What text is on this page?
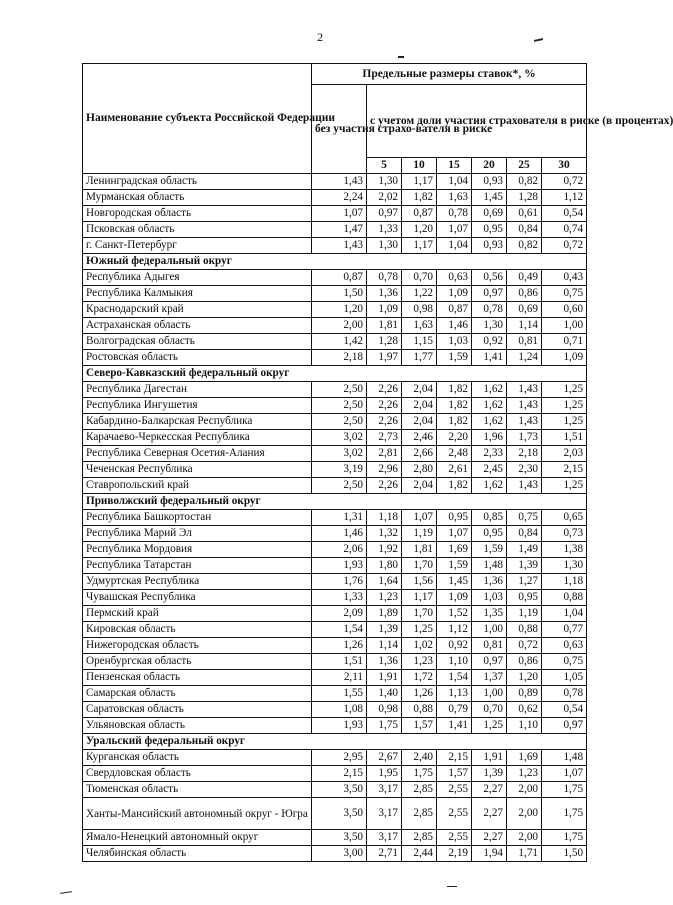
2
Наименование субъекта Российской Федерации	Предельные размеры ставок*, %						
	без участия страхо-вателя в риске	с учетом доли участия страхователя в риске (в процентах)					
		5	10	15	20	25	30
Ленинградская область	1,43	1,30	1,17	1,04	0,93	0,82	0,72
Мурманская область	2,24	2,02	1,82	1,63	1,45	1,28	1,12
Новгородская область	1,07	0,97	0,87	0,78	0,69	0,61	0,54
Псковская область	1,47	1,33	1,20	1,07	0,95	0,84	0,74
г. Санкт-Петербург	1,43	1,30	1,17	1,04	0,93	0,82	0,72
Южный федеральный округ							
Республика Адыгея	0,87	0,78	0,70	0,63	0,56	0,49	0,43
Республика Калмыкия	1,50	1,36	1,22	1,09	0,97	0,86	0,75
Краснодарский край	1,20	1,09	0,98	0,87	0,78	0,69	0,60
Астраханская область	2,00	1,81	1,63	1,46	1,30	1,14	1,00
Волгоградская область	1,42	1,28	1,15	1,03	0,92	0,81	0,71
Ростовская область	2,18	1,97	1,77	1,59	1,41	1,24	1,09
Северо-Кавказский федеральный округ							
Республика Дагестан	2,50	2,26	2,04	1,82	1,62	1,43	1,25
Республика Ингушетия	2,50	2,26	2,04	1,82	1,62	1,43	1,25
Кабардино-Балкарская Республика	2,50	2,26	2,04	1,82	1,62	1,43	1,25
Карачаево-Черкесская Республика	3,02	2,73	2,46	2,20	1,96	1,73	1,51
Республика Северная Осетия-Алания	3,02	2,81	2,66	2,48	2,33	2,18	2,03
Чеченская Республика	3,19	2,96	2,80	2,61	2,45	2,30	2,15
Ставропольский край	2,50	2,26	2,04	1,82	1,62	1,43	1,25
Приволжский федеральный округ							
Республика Башкортостан	1,31	1,18	1,07	0,95	0,85	0,75	0,65
Республика Марий Эл	1,46	1,32	1,19	1,07	0,95	0,84	0,73
Республика Мордовия	2,06	1,92	1,81	1,69	1,59	1,49	1,38
Республика Татарстан	1,93	1,80	1,70	1,59	1,48	1,39	1,30
Удмуртская Республика	1,76	1,64	1,56	1,45	1,36	1,27	1,18
Чувашская Республика	1,33	1,23	1,17	1,09	1,03	0,95	0,88
Пермский край	2,09	1,89	1,70	1,52	1,35	1,19	1,04
Кировская область	1,54	1,39	1,25	1,12	1,00	0,88	0,77
Нижегородская область	1,26	1,14	1,02	0,92	0,81	0,72	0,63
Оренбургская область	1,51	1,36	1,23	1,10	0,97	0,86	0,75
Пензенская область	2,11	1,91	1,72	1,54	1,37	1,20	1,05
Самарская область	1,55	1,40	1,26	1,13	1,00	0,89	0,78
Саратовская область	1,08	0,98	0,88	0,79	0,70	0,62	0,54
Ульяновская область	1,93	1,75	1,57	1,41	1,25	1,10	0,97
Уральский федеральный округ							
Курганская область	2,95	2,67	2,40	2,15	1,91	1,69	1,48
Свердловская область	2,15	1,95	1,75	1,57	1,39	1,23	1,07
Тюменская область	3,50	3,17	2,85	2,55	2,27	2,00	1,75
Ханты-Мансийский автономный округ - Югра	3,50	3,17	2,85	2,55	2,27	2,00	1,75
Ямало-Ненецкий автономный округ	3,50	3,17	2,85	2,55	2,27	2,00	1,75
Челябинская область	3,00	2,71	2,44	2,19	1,94	1,71	1,50
